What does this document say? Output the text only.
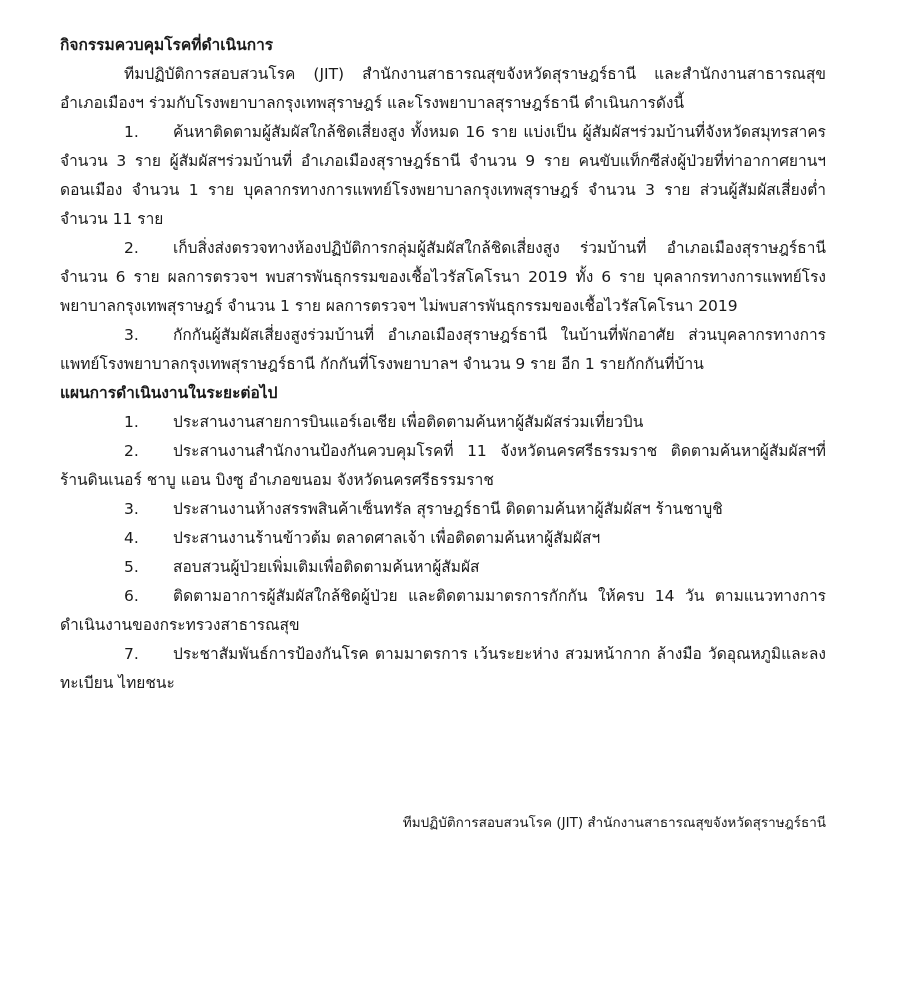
กิจกรรมควบคุมโรคที่ดำเนินการ

ทีมปฏิบัติการสอบสวนโรค (JIT) สำนักงานสาธารณสุขจังหวัดสุราษฎร์ธานี และสำนักงานสาธารณสุขอำเภอเมืองฯ ร่วมกับโรงพยาบาลกรุงเทพสุราษฎร์ และโรงพยาบาลสุราษฎร์ธานี ดำเนินการดังนี้

1. ค้นหาติดตามผู้สัมผัสใกล้ชิดเสี่ยงสูง ทั้งหมด 16 ราย แบ่งเป็น ผู้สัมผัสฯร่วมบ้านที่จังหวัดสมุทรสาคร จำนวน 3 ราย ผู้สัมผัสฯร่วมบ้านที่ อำเภอเมืองสุราษฎร์ธานี จำนวน 9 ราย คนขับแท็กซีส่งผู้ป่วยที่ท่าอากาศยานฯดอนเมือง จำนวน 1 ราย บุคลากรทางการแพทย์โรงพยาบาลกรุงเทพสุราษฎร์ จำนวน 3 ราย ส่วนผู้สัมผัสเสี่ยงต่ำ จำนวน 11 ราย

2. เก็บสิ่งส่งตรวจทางห้องปฏิบัติการกลุ่มผู้สัมผัสใกล้ชิดเสี่ยงสูง ร่วมบ้านที่ อำเภอเมืองสุราษฎร์ธานี จำนวน 6 ราย ผลการตรวจฯ พบสารพันธุกรรมของเชื้อไวรัสโคโรนา 2019 ทั้ง 6 ราย บุคลากรทางการแพทย์โรงพยาบาลกรุงเทพสุราษฎร์ จำนวน 1 ราย ผลการตรวจฯ ไม่พบสารพันธุกรรมของเชื้อไวรัสโคโรนา 2019

3. กักกันผู้สัมผัสเสี่ยงสูงร่วมบ้านที่ อำเภอเมืองสุราษฎร์ธานี ในบ้านที่พักอาศัย ส่วนบุคลากรทางการแพทย์โรงพยาบาลกรุงเทพสุราษฎร์ธานี กักกันที่โรงพยาบาลฯ จำนวน 9 ราย อีก 1 รายกักกันที่บ้าน

แผนการดำเนินงานในระยะต่อไป

1. ประสานงานสายการบินแอร์เอเชีย เพื่อติดตามค้นหาผู้สัมผัสร่วมเที่ยวบิน

2. ประสานงานสำนักงานป้องกันควบคุมโรคที่ 11 จังหวัดนครศรีธรรมราช ติดตามค้นหาผู้สัมผัสฯที่ร้านดินเนอร์ ชาบู แอน บิงซู อำเภอขนอม จังหวัดนครศรีธรรมราช

3. ประสานงานห้างสรรพสินค้าเซ็นทรัล สุราษฎร์ธานี ติดตามค้นหาผู้สัมผัสฯ ร้านชาบูชิ

4. ประสานงานร้านข้าวต้ม ตลาดศาลเจ้า เพื่อติดตามค้นหาผู้สัมผัสฯ

5. สอบสวนผู้ป่วยเพิ่มเติมเพื่อติดตามค้นหาผู้สัมผัส

6. ติดตามอาการผู้สัมผัสใกล้ชิดผู้ป่วย และติดตามมาตรการกักกัน ให้ครบ 14 วัน ตามแนวทางการดำเนินงานของกระทรวงสาธารณสุข

7. ประชาสัมพันธ์การป้องกันโรค ตามมาตรการ เว้นระยะห่าง สวมหน้ากาก ล้างมือ วัดอุณหภูมิและลงทะเบียน ไทยชนะ

ทีมปฏิบัติการสอบสวนโรค (JIT) สำนักงานสาธารณสุขจังหวัดสุราษฎร์ธานี
